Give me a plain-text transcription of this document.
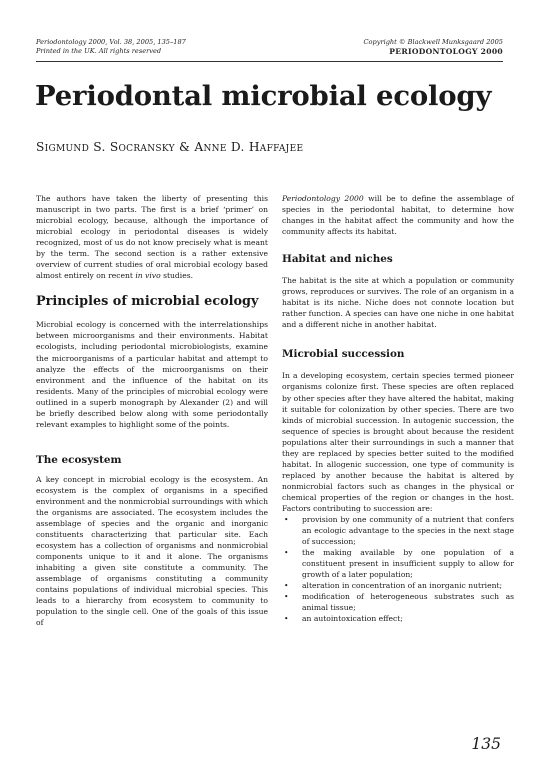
Periodontology 2000, Vol. 38, 2005, 135–187
Printed in the UK. All rights reserved
Copyright © Blackwell Munksgaard 2005
PERIODONTOLOGY 2000
Periodontal microbial ecology
Sigmund S. Socransky & Anne D. Haffajee

The authors have taken the liberty of presenting this manuscript in two parts. The first is a brief ‘primer’ on microbial ecology, because, although the importance of microbial ecology in periodontal diseases is widely recognized, most of us do not know precisely what is meant by the term. The second section is a rather extensive overview of current studies of oral microbial ecology based almost entirely on recent in vivo studies.

Principles of microbial ecology

Microbial ecology is concerned with the interrelationships between microorganisms and their environments. Habitat ecologists, including periodontal microbiologists, examine the microorganisms of a particular habitat and attempt to analyze the effects of the microorganisms on their environment and the influence of the habitat on its residents. Many of the principles of microbial ecology were outlined in a superb monograph by Alexander (2) and will be briefly described below along with some periodontally relevant examples to highlight some of the points.

The ecosystem

A key concept in microbial ecology is the ecosystem. An ecosystem is the complex of organisms in a specified environment and the nonmicrobial surroundings with which the organisms are associated. The ecosystem includes the assemblage of species and the organic and inorganic constituents characterizing that particular site. Each ecosystem has a collection of organisms and nonmicrobial components unique to it and it alone. The organisms inhabiting a given site constitute a community. The assemblage of organisms constituting a community contains populations of individual microbial species. This leads to a hierarchy from ecosystem to community to population to the single cell. One of the goals of this issue of

Periodontology 2000 will be to define the assemblage of species in the periodontal habitat, to determine how changes in the habitat affect the community and how the community affects its habitat.

Habitat and niches

The habitat is the site at which a population or community grows, reproduces or survives. The role of an organism in a habitat is its niche. Niche does not connote location but rather function. A species can have one niche in one habitat and a different niche in another habitat.

Microbial succession

In a developing ecosystem, certain species termed pioneer organisms colonize first. These species are often replaced by other species after they have altered the habitat, making it suitable for colonization by other species. There are two kinds of microbial succession. In autogenic succession, the sequence of species is brought about because the resident populations alter their surroundings in such a manner that they are replaced by species better suited to the modified habitat. In allogenic succession, one type of community is replaced by another because the habitat is altered by nonmicrobial factors such as changes in the physical or chemical properties of the region or changes in the host. Factors contributing to succession are:

• provision by one community of a nutrient that confers an ecologic advantage to the species in the next stage of succession;
• the making available by one population of a constituent present in insufficient supply to allow for growth of a later population;
• alteration in concentration of an inorganic nutrient;
• modification of heterogeneous substrates such as animal tissue;
• an autointoxication effect;
135
